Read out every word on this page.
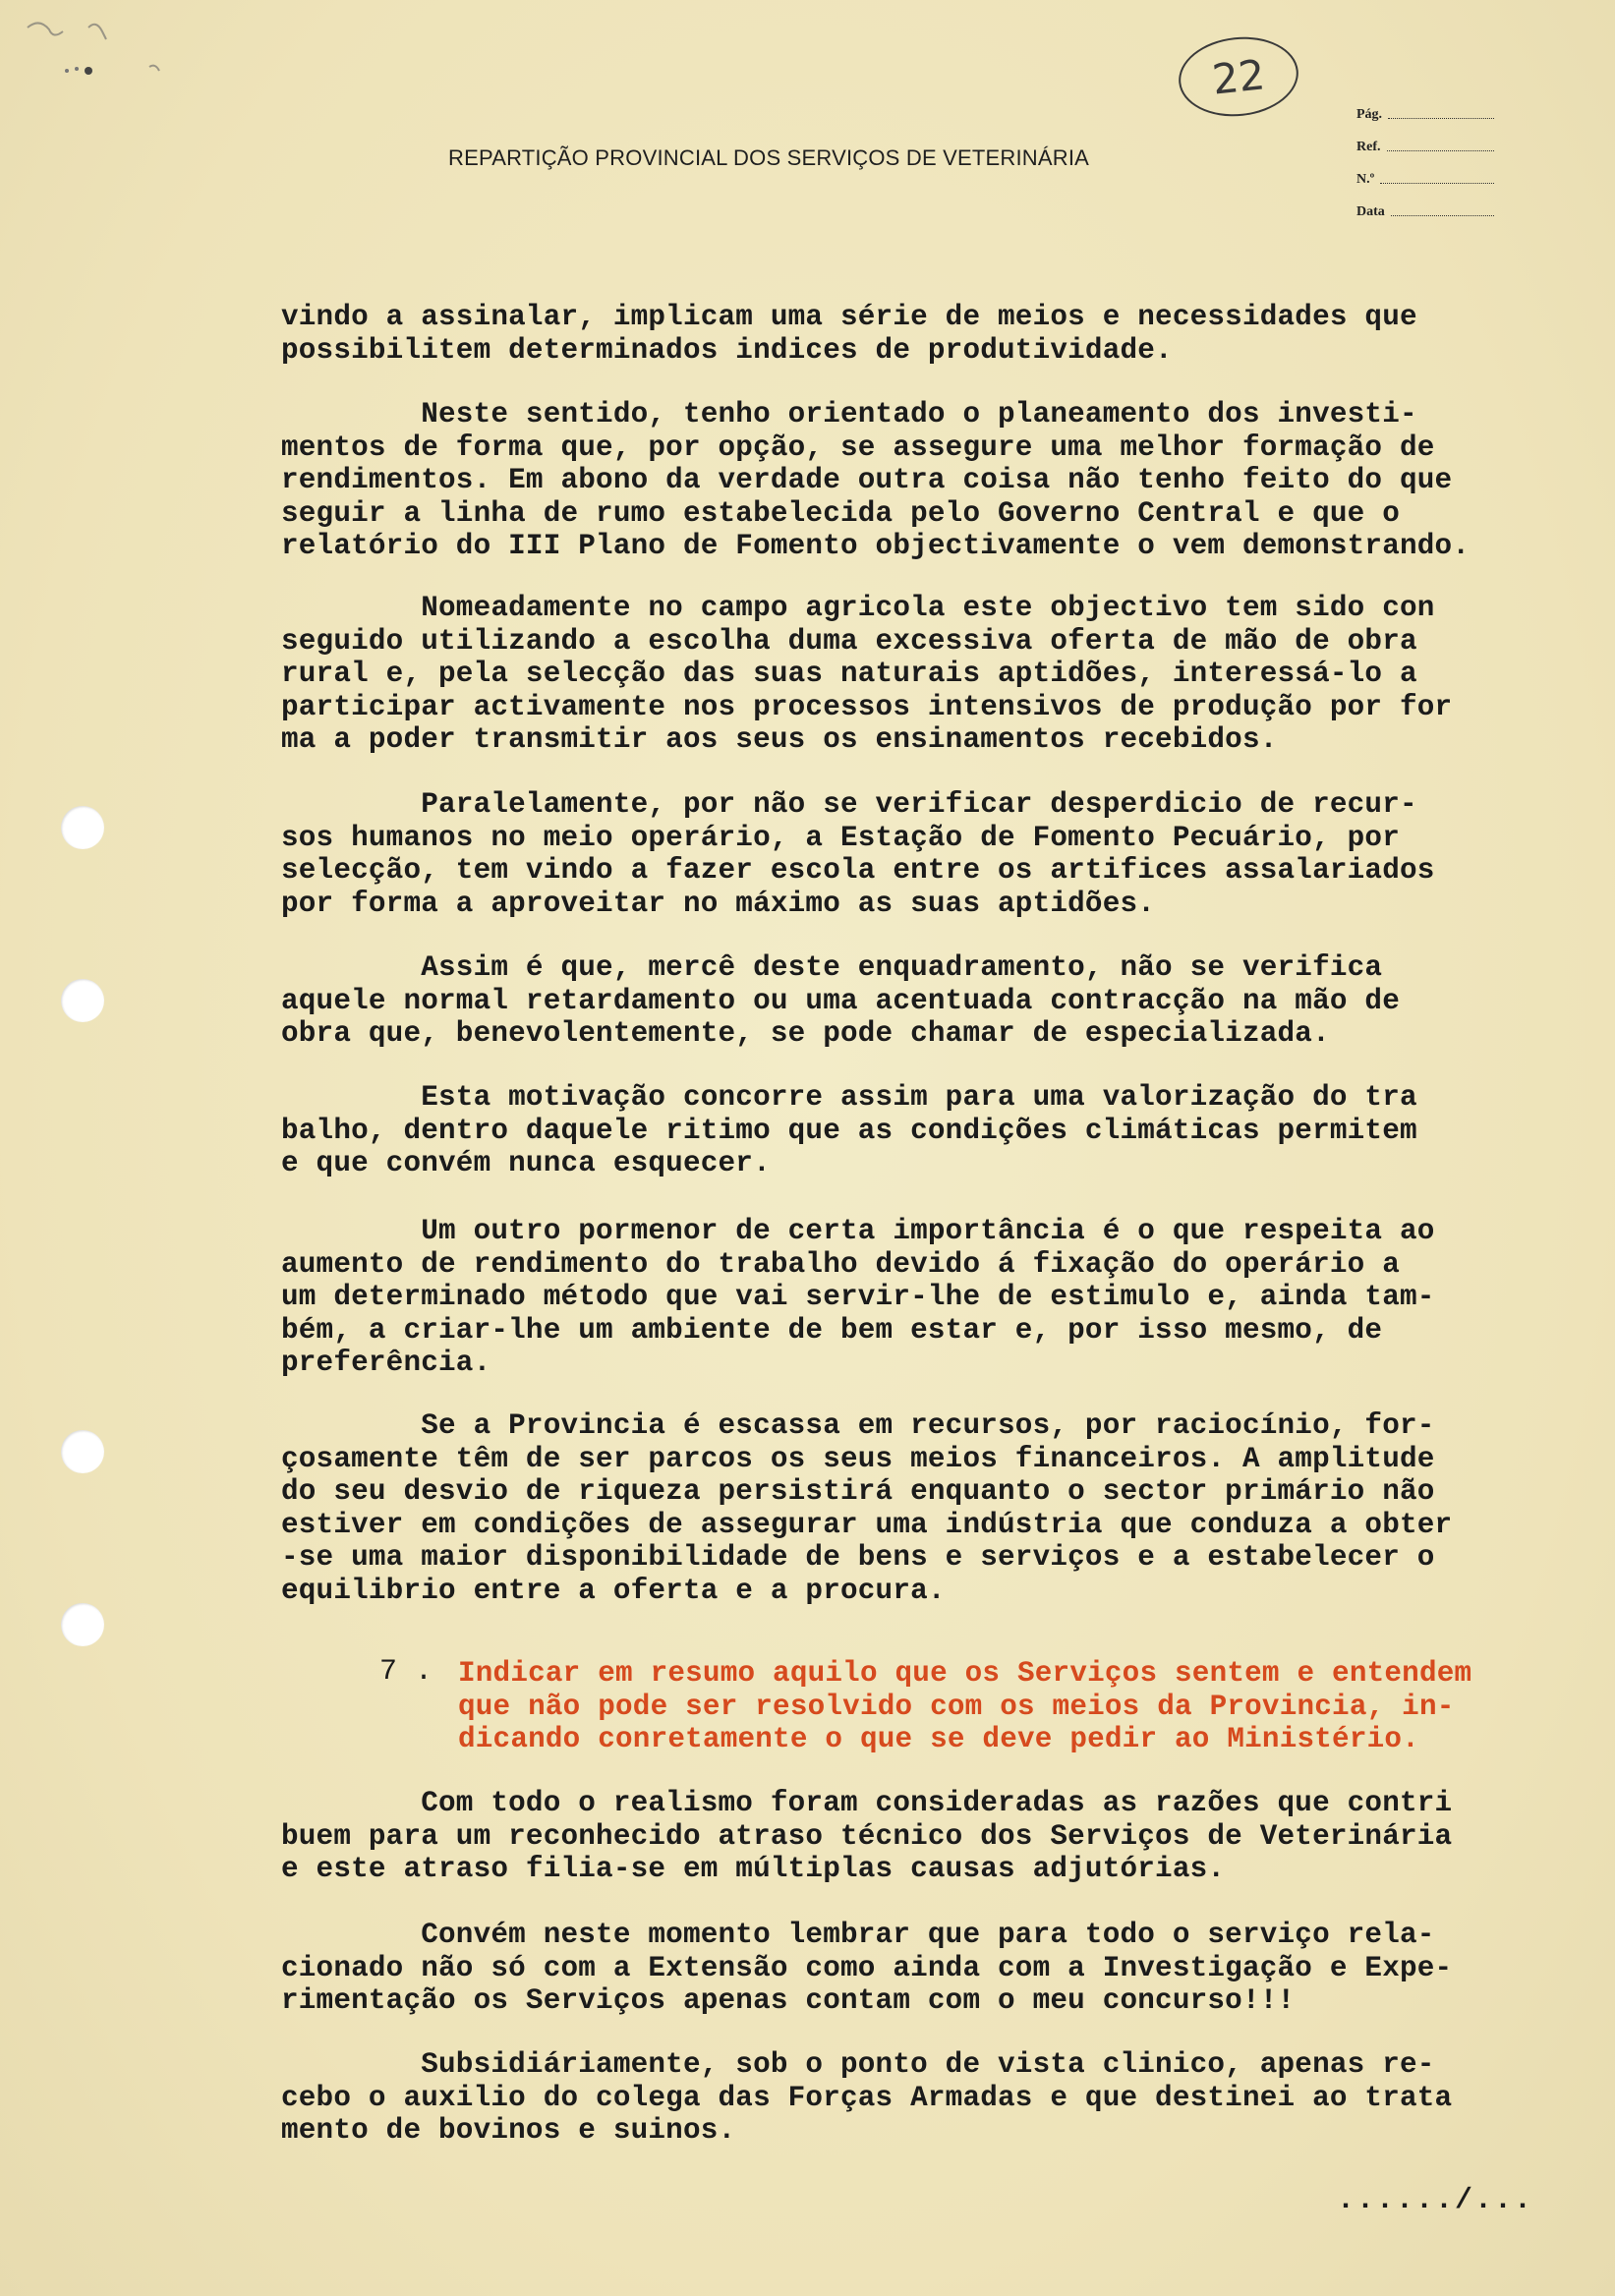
22
REPARTIÇÃO PROVINCIAL DOS SERVIÇOS DE VETERINÁRIA
Pág.
Ref.
N.º
Data
vindo a assinalar, implicam uma série de meios e necessidades que
possibilitem determinados indices de produtividade.
Neste sentido, tenho orientado o planeamento dos investi-
mentos de forma que, por opção, se assegure uma melhor formação de
rendimentos. Em abono da verdade outra coisa não tenho feito do que
seguir a linha de rumo estabelecida pelo Governo Central e que o
relatório do III Plano de Fomento objectivamente o vem demonstrando.
Nomeadamente no campo agricola este objectivo tem sido con
seguido utilizando a escolha duma excessiva oferta de mão de obra
rural e, pela selecção das suas naturais aptidões, interessá-lo a
participar activamente nos processos intensivos de produção por for
ma a poder transmitir aos seus os ensinamentos recebidos.
Paralelamente, por não se verificar desperdicio de recur-
sos humanos no meio operário, a Estação de Fomento Pecuário, por
selecção, tem vindo a fazer escola entre os artifices assalariados
por forma a aproveitar no máximo as suas aptidões.
Assim é que, mercê deste enquadramento, não se verifica
aquele normal retardamento ou uma acentuada contracção na mão de
obra que, benevolentemente, se pode chamar de especializada.
Esta motivação concorre assim para uma valorização do tra
balho, dentro daquele ritimo que as condições climáticas permitem
e que convém nunca esquecer.
Um outro pormenor de certa importância é o que respeita ao
aumento de rendimento do trabalho devido á fixação do operário a
um determinado método que vai servir-lhe de estimulo e, ainda tam-
bém, a criar-lhe um ambiente de bem estar e, por isso mesmo, de
preferência.
Se a Provincia é escassa em recursos, por raciocínio, for-
çosamente têm de ser parcos os seus meios financeiros. A amplitude
do seu desvio de riqueza persistirá enquanto o sector primário não
estiver em condições de assegurar uma indústria que conduza a obter
-se uma maior disponibilidade de bens e serviços e a estabelecer o
equilibrio entre a oferta e a procura.
7 . Indicar em resumo aquilo que os Serviços sentem e entendem
que não pode ser resolvido com os meios da Provincia, in-
dicando conretamente o que se deve pedir ao Ministério.
Com todo o realismo foram consideradas as razões que contri
buem para um reconhecido atraso técnico dos Serviços de Veterinária
e este atraso filia-se em múltiplas causas adjutórias.
Convém neste momento lembrar que para todo o serviço rela-
cionado não só com a Extensão como ainda com a Investigação e Expe-
rimentação os Serviços apenas contam com o meu concurso!!!
Subsidiáriamente, sob o ponto de vista clinico, apenas re-
cebo o auxilio do colega das Forças Armadas e que destinei ao trata
mento de bovinos e suinos.
....../...
